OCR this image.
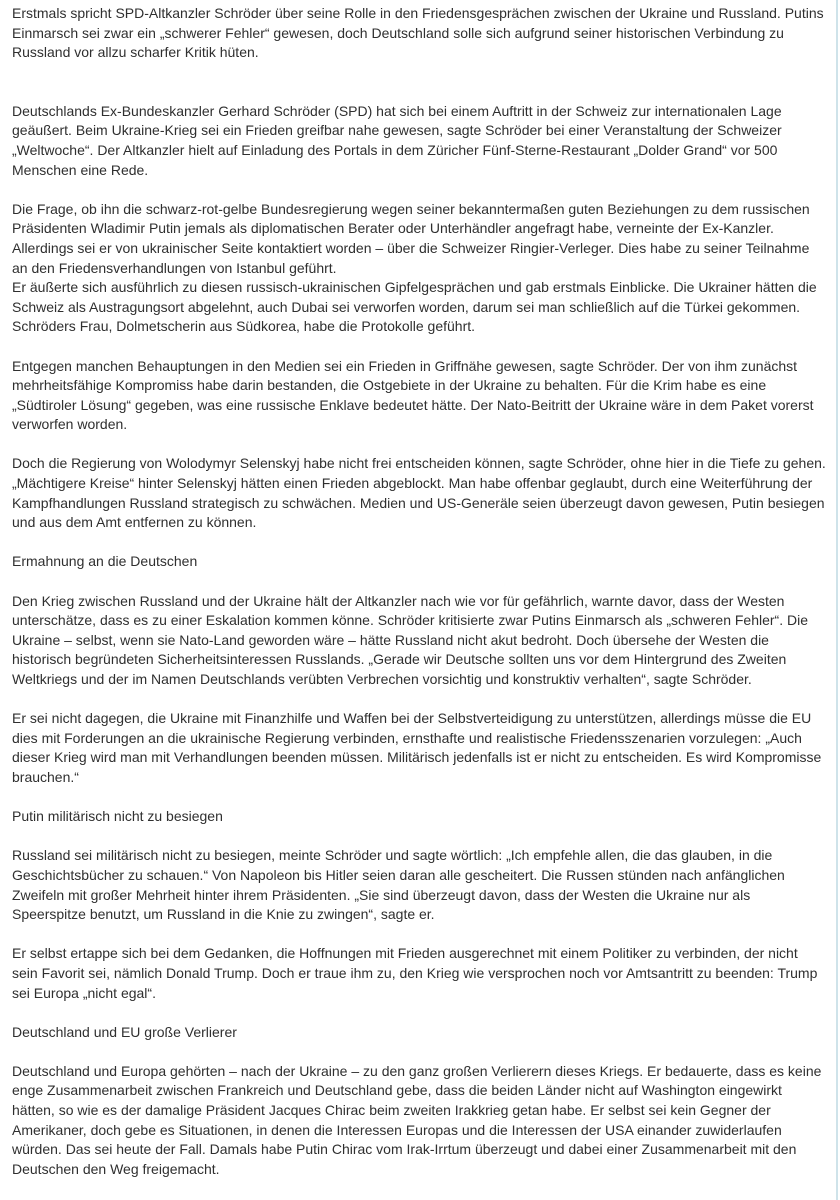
Erstmals spricht SPD-Altkanzler Schröder über seine Rolle in den Friedensgesprächen zwischen der Ukraine und Russland. Putins Einmarsch sei zwar ein „schwerer Fehler“ gewesen, doch Deutschland solle sich aufgrund seiner historischen Verbindung zu Russland vor allzu scharfer Kritik hüten.

Deutschlands Ex-Bundeskanzler Gerhard Schröder (SPD) hat sich bei einem Auftritt in der Schweiz zur internationalen Lage geäußert. Beim Ukraine-Krieg sei ein Frieden greifbar nahe gewesen, sagte Schröder bei einer Veranstaltung der Schweizer „Weltwoche“. Der Altkanzler hielt auf Einladung des Portals in dem Züricher Fünf-Sterne-Restaurant „Dolder Grand“ vor 500 Menschen eine Rede.

Die Frage, ob ihn die schwarz-rot-gelbe Bundesregierung wegen seiner bekanntermaßen guten Beziehungen zu dem russischen Präsidenten Wladimir Putin jemals als diplomatischen Berater oder Unterhändler angefragt habe, verneinte der Ex-Kanzler. Allerdings sei er von ukrainischer Seite kontaktiert worden – über die Schweizer Ringier-Verleger. Dies habe zu seiner Teilnahme an den Friedensverhandlungen von Istanbul geführt.

Er äußerte sich ausführlich zu diesen russisch-ukrainischen Gipfelgesprächen und gab erstmals Einblicke. Die Ukrainer hätten die Schweiz als Austragungsort abgelehnt, auch Dubai sei verworfen worden, darum sei man schließlich auf die Türkei gekommen. Schröders Frau, Dolmetscherin aus Südkorea, habe die Protokolle geführt.

Entgegen manchen Behauptungen in den Medien sei ein Frieden in Griffnähe gewesen, sagte Schröder. Der von ihm zunächst mehrheitsfähige Kompromiss habe darin bestanden, die Ostgebiete in der Ukraine zu behalten. Für die Krim habe es eine „Südtiroler Lösung“ gegeben, was eine russische Enklave bedeutet hätte. Der Nato-Beitritt der Ukraine wäre in dem Paket vorerst verworfen worden.

Doch die Regierung von Wolodymyr Selenskyj habe nicht frei entscheiden können, sagte Schröder, ohne hier in die Tiefe zu gehen. „Mächtigere Kreise“ hinter Selenskyj hätten einen Frieden abgeblockt. Man habe offenbar geglaubt, durch eine Weiterführung der Kampfhandlungen Russland strategisch zu schwächen. Medien und US-Generäle seien überzeugt davon gewesen, Putin besiegen und aus dem Amt entfernen zu können.

Ermahnung an die Deutschen

Den Krieg zwischen Russland und der Ukraine hält der Altkanzler nach wie vor für gefährlich, warnte davor, dass der Westen unterschätze, dass es zu einer Eskalation kommen könne. Schröder kritisierte zwar Putins Einmarsch als „schweren Fehler“. Die Ukraine – selbst, wenn sie Nato-Land geworden wäre – hätte Russland nicht akut bedroht. Doch übersehe der Westen die historisch begründeten Sicherheitsinteressen Russlands. „Gerade wir Deutsche sollten uns vor dem Hintergrund des Zweiten Weltkriegs und der im Namen Deutschlands verübten Verbrechen vorsichtig und konstruktiv verhalten“, sagte Schröder.

Er sei nicht dagegen, die Ukraine mit Finanzhilfe und Waffen bei der Selbstverteidigung zu unterstützen, allerdings müsse die EU dies mit Forderungen an die ukrainische Regierung verbinden, ernsthafte und realistische Friedensszenarien vorzulegen: „Auch dieser Krieg wird man mit Verhandlungen beenden müssen. Militärisch jedenfalls ist er nicht zu entscheiden. Es wird Kompromisse brauchen.“

Putin militärisch nicht zu besiegen

Russland sei militärisch nicht zu besiegen, meinte Schröder und sagte wörtlich: „Ich empfehle allen, die das glauben, in die Geschichtsbücher zu schauen.“ Von Napoleon bis Hitler seien daran alle gescheitert. Die Russen stünden nach anfänglichen Zweifeln mit großer Mehrheit hinter ihrem Präsidenten. „Sie sind überzeugt davon, dass der Westen die Ukraine nur als Speerspitze benutzt, um Russland in die Knie zu zwingen“, sagte er.

Er selbst ertappe sich bei dem Gedanken, die Hoffnungen mit Frieden ausgerechnet mit einem Politiker zu verbinden, der nicht sein Favorit sei, nämlich Donald Trump. Doch er traue ihm zu, den Krieg wie versprochen noch vor Amtsantritt zu beenden: Trump sei Europa „nicht egal“.

Deutschland und EU große Verlierer

Deutschland und Europa gehörten – nach der Ukraine – zu den ganz großen Verlierern dieses Kriegs. Er bedauerte, dass es keine enge Zusammenarbeit zwischen Frankreich und Deutschland gebe, dass die beiden Länder nicht auf Washington eingewirkt hätten, so wie es der damalige Präsident Jacques Chirac beim zweiten Irakkrieg getan habe. Er selbst sei kein Gegner der Amerikaner, doch gebe es Situationen, in denen die Interessen Europas und die Interessen der USA einander zuwiderlaufen würden. Das sei heute der Fall. Damals habe Putin Chirac vom Irak-Irrtum überzeugt und dabei einer Zusammenarbeit mit den Deutschen den Weg freigemacht.
